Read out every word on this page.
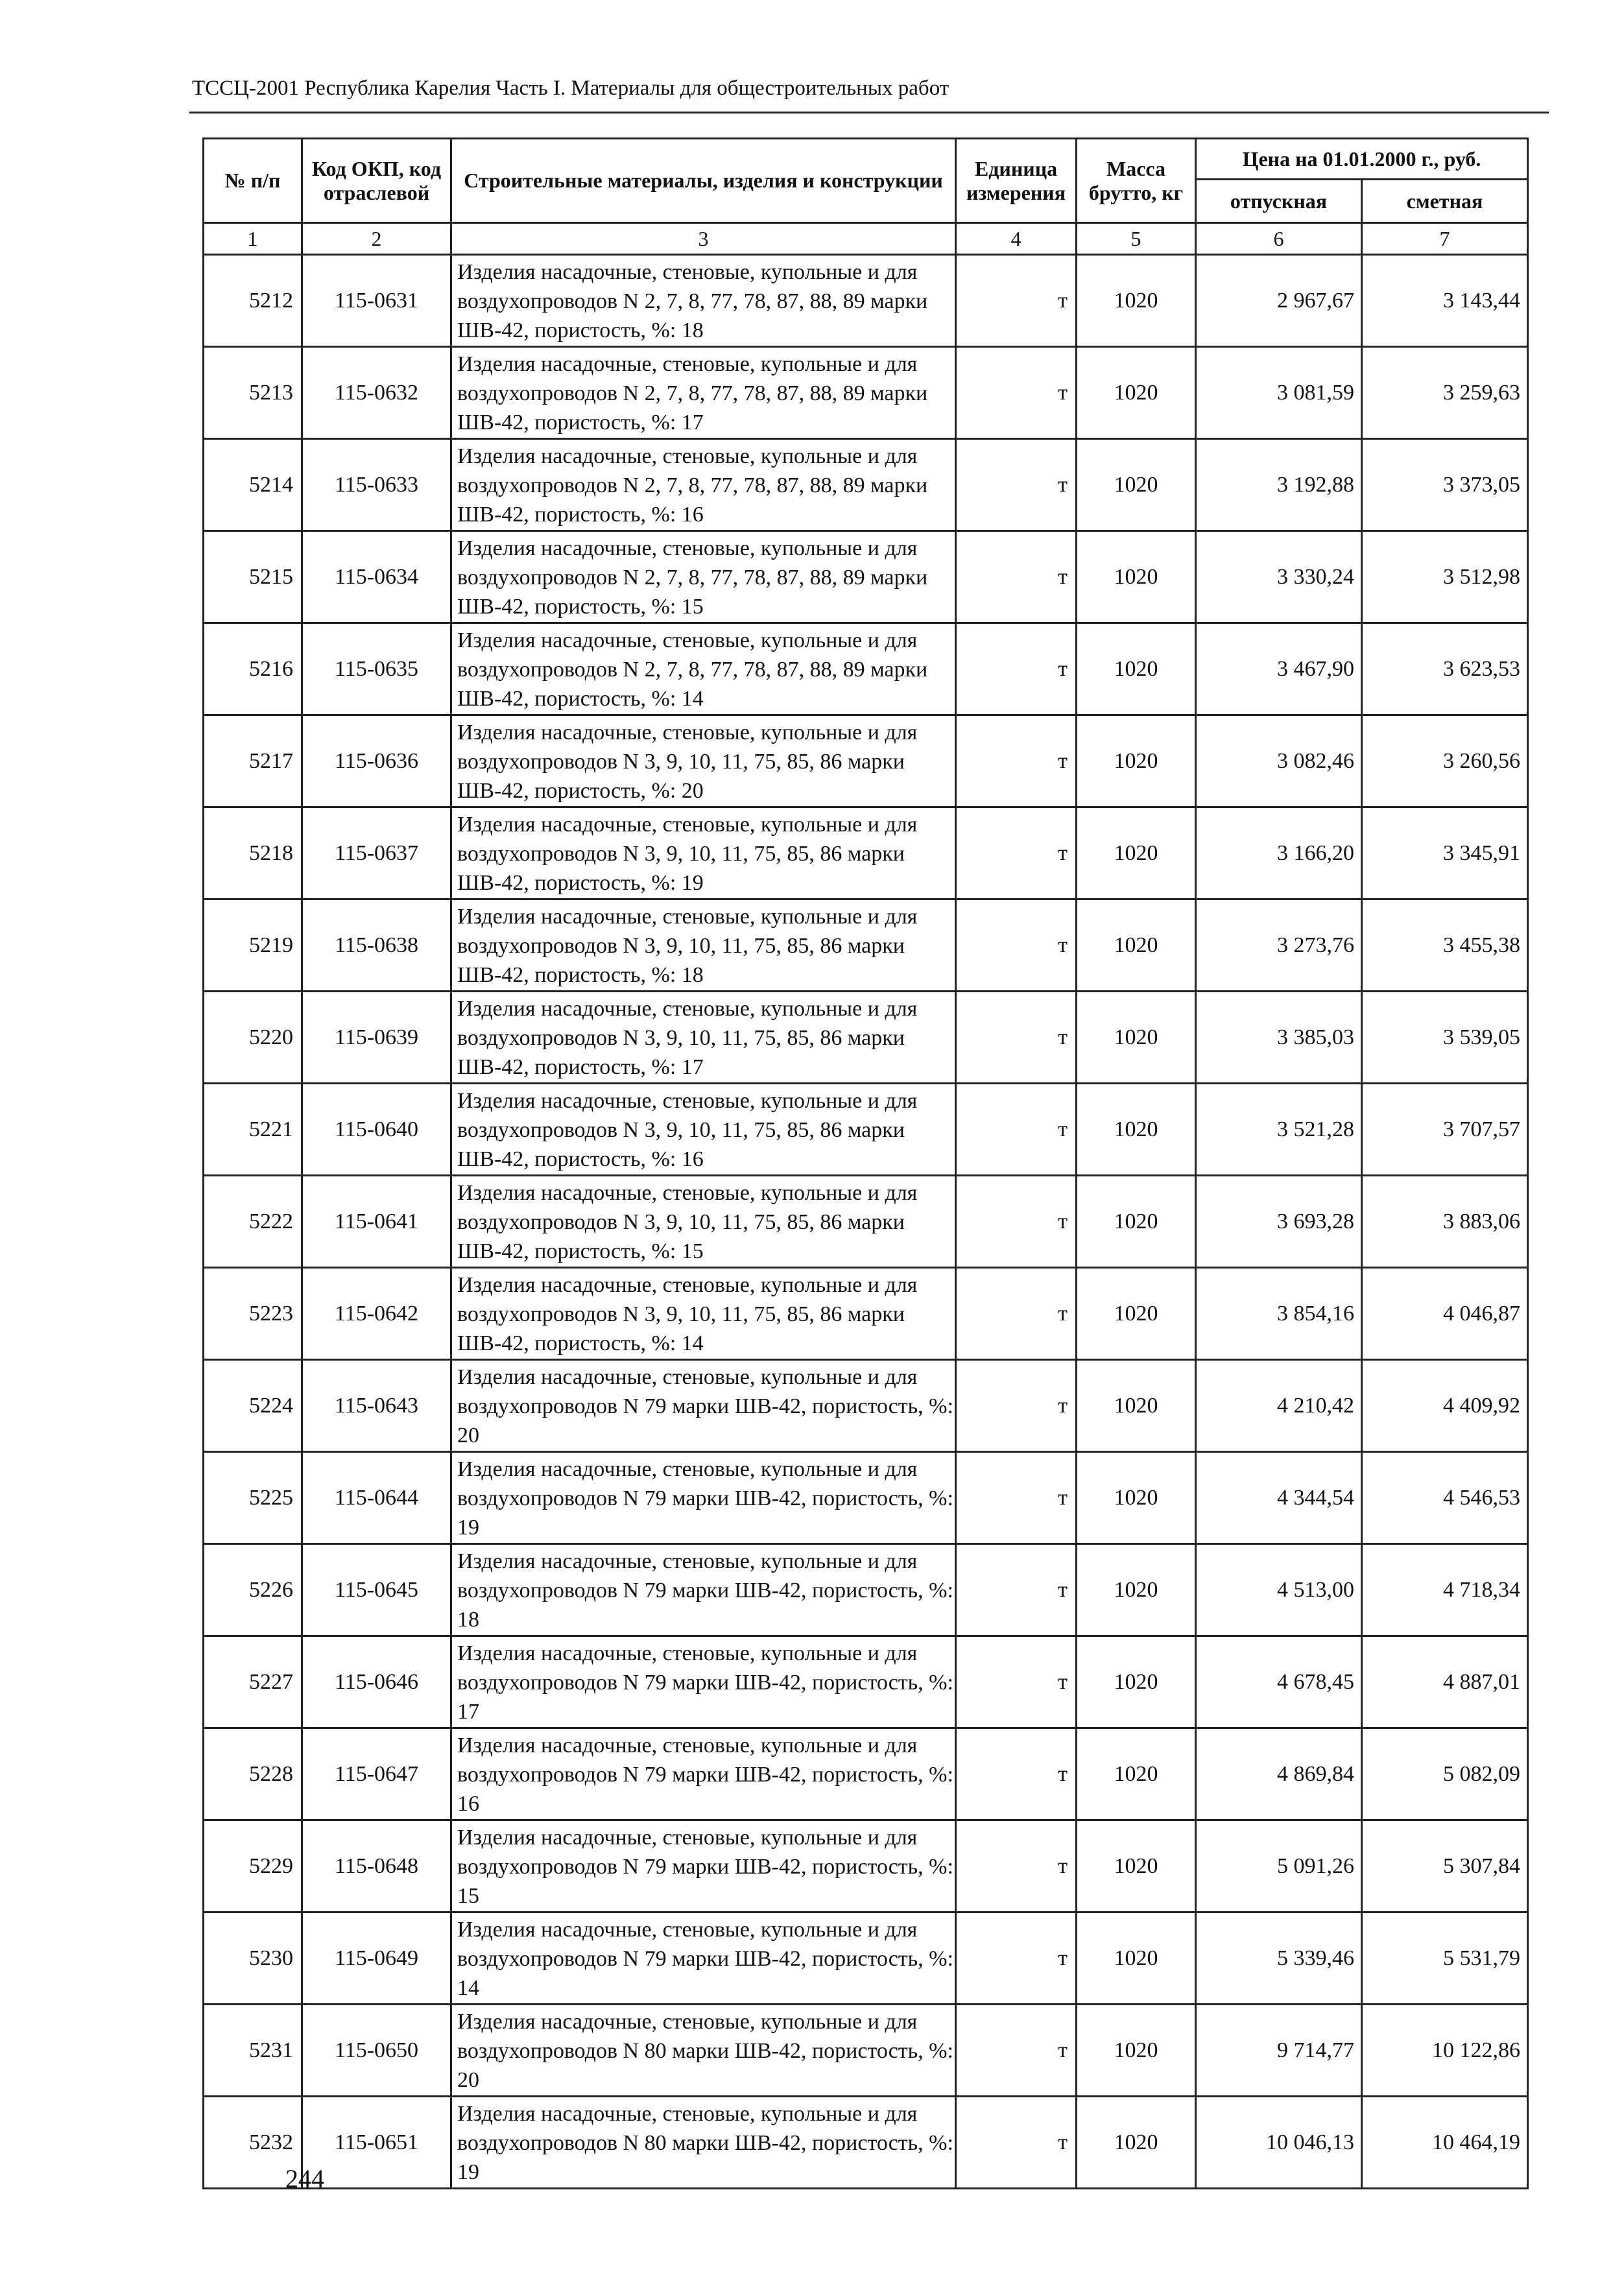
ТССЦ-2001 Республика Карелия Часть I. Материалы для общестроительных работ
№ п/п	Код ОКП, код отраслевой	Строительные материалы, изделия и конструкции	Единица измерения	Масса брутто, кг	Цена на 01.01.2000 г., руб.	
					отпускная	сметная
1	2	3	4	5	6	7
5212	115-0631	Изделия насадочные, стеновые, купольные и для воздухопроводов N 2, 7, 8, 77, 78, 87, 88, 89 марки ШВ-42, пористость, %: 18	т	1020	2 967,67	3 143,44
5213	115-0632	Изделия насадочные, стеновые, купольные и для воздухопроводов N 2, 7, 8, 77, 78, 87, 88, 89 марки ШВ-42, пористость, %: 17	т	1020	3 081,59	3 259,63
5214	115-0633	Изделия насадочные, стеновые, купольные и для воздухопроводов N 2, 7, 8, 77, 78, 87, 88, 89 марки ШВ-42, пористость, %: 16	т	1020	3 192,88	3 373,05
5215	115-0634	Изделия насадочные, стеновые, купольные и для воздухопроводов N 2, 7, 8, 77, 78, 87, 88, 89 марки ШВ-42, пористость, %: 15	т	1020	3 330,24	3 512,98
5216	115-0635	Изделия насадочные, стеновые, купольные и для воздухопроводов N 2, 7, 8, 77, 78, 87, 88, 89 марки ШВ-42, пористость, %: 14	т	1020	3 467,90	3 623,53
5217	115-0636	Изделия насадочные, стеновые, купольные и для воздухопроводов N 3, 9, 10, 11, 75, 85, 86 марки ШВ-42, пористость, %: 20	т	1020	3 082,46	3 260,56
5218	115-0637	Изделия насадочные, стеновые, купольные и для воздухопроводов N 3, 9, 10, 11, 75, 85, 86 марки ШВ-42, пористость, %: 19	т	1020	3 166,20	3 345,91
5219	115-0638	Изделия насадочные, стеновые, купольные и для воздухопроводов N 3, 9, 10, 11, 75, 85, 86 марки ШВ-42, пористость, %: 18	т	1020	3 273,76	3 455,38
5220	115-0639	Изделия насадочные, стеновые, купольные и для воздухопроводов N 3, 9, 10, 11, 75, 85, 86 марки ШВ-42, пористость, %: 17	т	1020	3 385,03	3 539,05
5221	115-0640	Изделия насадочные, стеновые, купольные и для воздухопроводов N 3, 9, 10, 11, 75, 85, 86 марки ШВ-42, пористость, %: 16	т	1020	3 521,28	3 707,57
5222	115-0641	Изделия насадочные, стеновые, купольные и для воздухопроводов N 3, 9, 10, 11, 75, 85, 86 марки ШВ-42, пористость, %: 15	т	1020	3 693,28	3 883,06
5223	115-0642	Изделия насадочные, стеновые, купольные и для воздухопроводов N 3, 9, 10, 11, 75, 85, 86 марки ШВ-42, пористость, %: 14	т	1020	3 854,16	4 046,87
5224	115-0643	Изделия насадочные, стеновые, купольные и для воздухопроводов N 79 марки ШВ-42, пористость, %: 20	т	1020	4 210,42	4 409,92
5225	115-0644	Изделия насадочные, стеновые, купольные и для воздухопроводов N 79 марки ШВ-42, пористость, %: 19	т	1020	4 344,54	4 546,53
5226	115-0645	Изделия насадочные, стеновые, купольные и для воздухопроводов N 79 марки ШВ-42, пористость, %: 18	т	1020	4 513,00	4 718,34
5227	115-0646	Изделия насадочные, стеновые, купольные и для воздухопроводов N 79 марки ШВ-42, пористость, %: 17	т	1020	4 678,45	4 887,01
5228	115-0647	Изделия насадочные, стеновые, купольные и для воздухопроводов N 79 марки ШВ-42, пористость, %: 16	т	1020	4 869,84	5 082,09
5229	115-0648	Изделия насадочные, стеновые, купольные и для воздухопроводов N 79 марки ШВ-42, пористость, %: 15	т	1020	5 091,26	5 307,84
5230	115-0649	Изделия насадочные, стеновые, купольные и для воздухопроводов N 79 марки ШВ-42, пористость, %: 14	т	1020	5 339,46	5 531,79
5231	115-0650	Изделия насадочные, стеновые, купольные и для воздухопроводов N 80 марки ШВ-42, пористость, %: 20	т	1020	9 714,77	10 122,86
5232	115-0651	Изделия насадочные, стеновые, купольные и для воздухопроводов N 80 марки ШВ-42, пористость, %: 19	т	1020	10 046,13	10 464,19
244
